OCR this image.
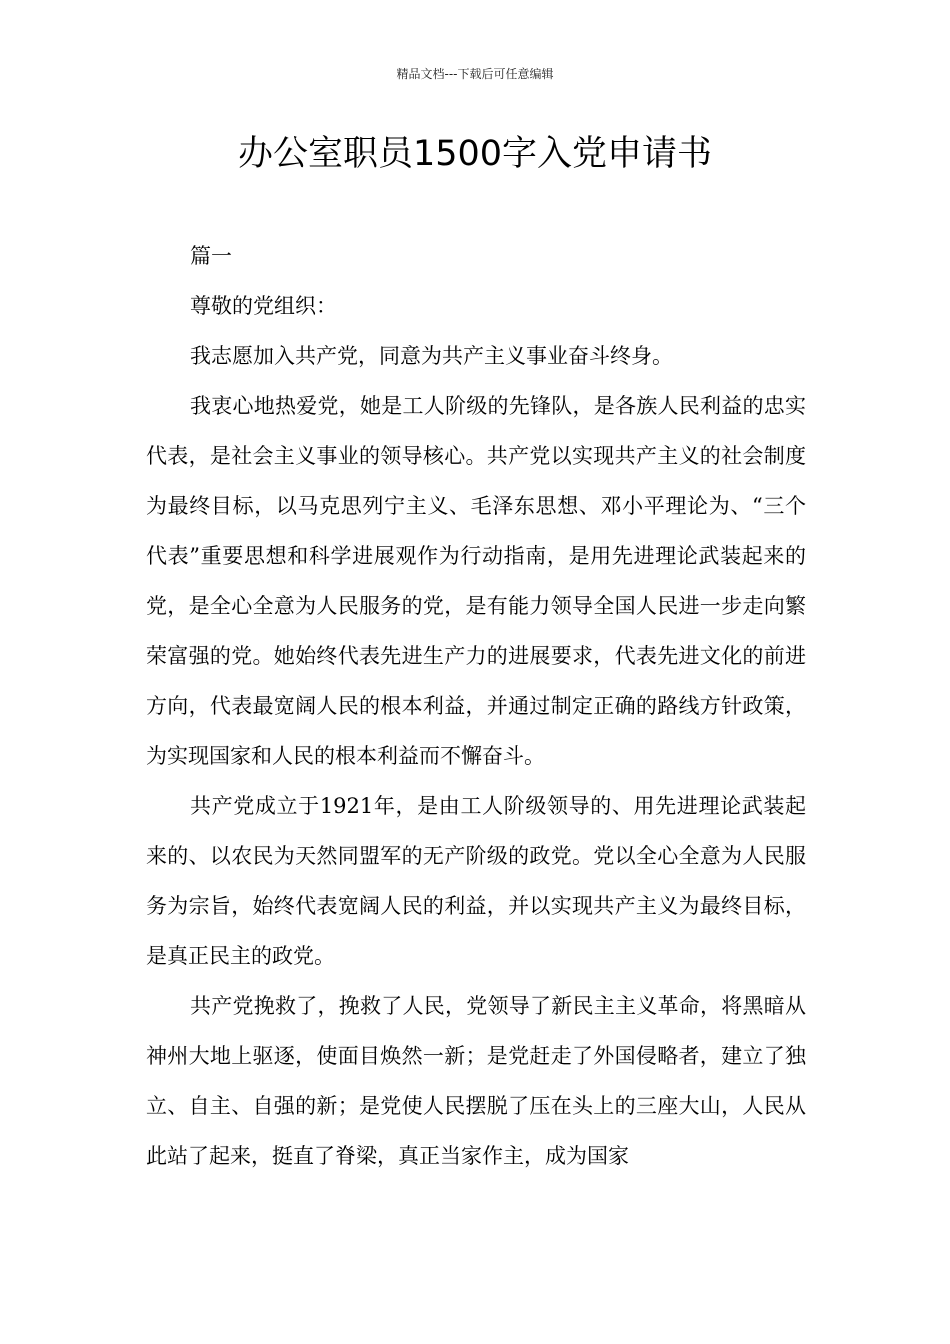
精品文档---下载后可任意编辑
办公室职员1500字入党申请书

篇一

尊敬的党组织：

我志愿加入共产党，同意为共产主义事业奋斗终身。

我衷心地热爱党，她是工人阶级的先锋队，是各族人民利益的忠实代表，是社会主义事业的领导核心。共产党以实现共产主义的社会制度为最终目标，以马克思列宁主义、毛泽东思想、邓小平理论为、“三个代表”重要思想和科学进展观作为行动指南，是用先进理论武装起来的党，是全心全意为人民服务的党，是有能力领导全国人民进一步走向繁荣富强的党。她始终代表先进生产力的进展要求，代表先进文化的前进方向，代表最宽阔人民的根本利益，并通过制定正确的路线方针政策，为实现国家和人民的根本利益而不懈奋斗。

共产党成立于1921年，是由工人阶级领导的、用先进理论武装起来的、以农民为天然同盟军的无产阶级的政党。党以全心全意为人民服务为宗旨，始终代表宽阔人民的利益，并以实现共产主义为最终目标，是真正民主的政党。

共产党挽救了，挽救了人民，党领导了新民主主义革命，将黑暗从神州大地上驱逐，使面目焕然一新；是党赶走了外国侵略者，建立了独立、自主、自强的新；是党使人民摆脱了压在头上的三座大山，人民从此站了起来，挺直了脊梁，真正当家作主，成为国家
